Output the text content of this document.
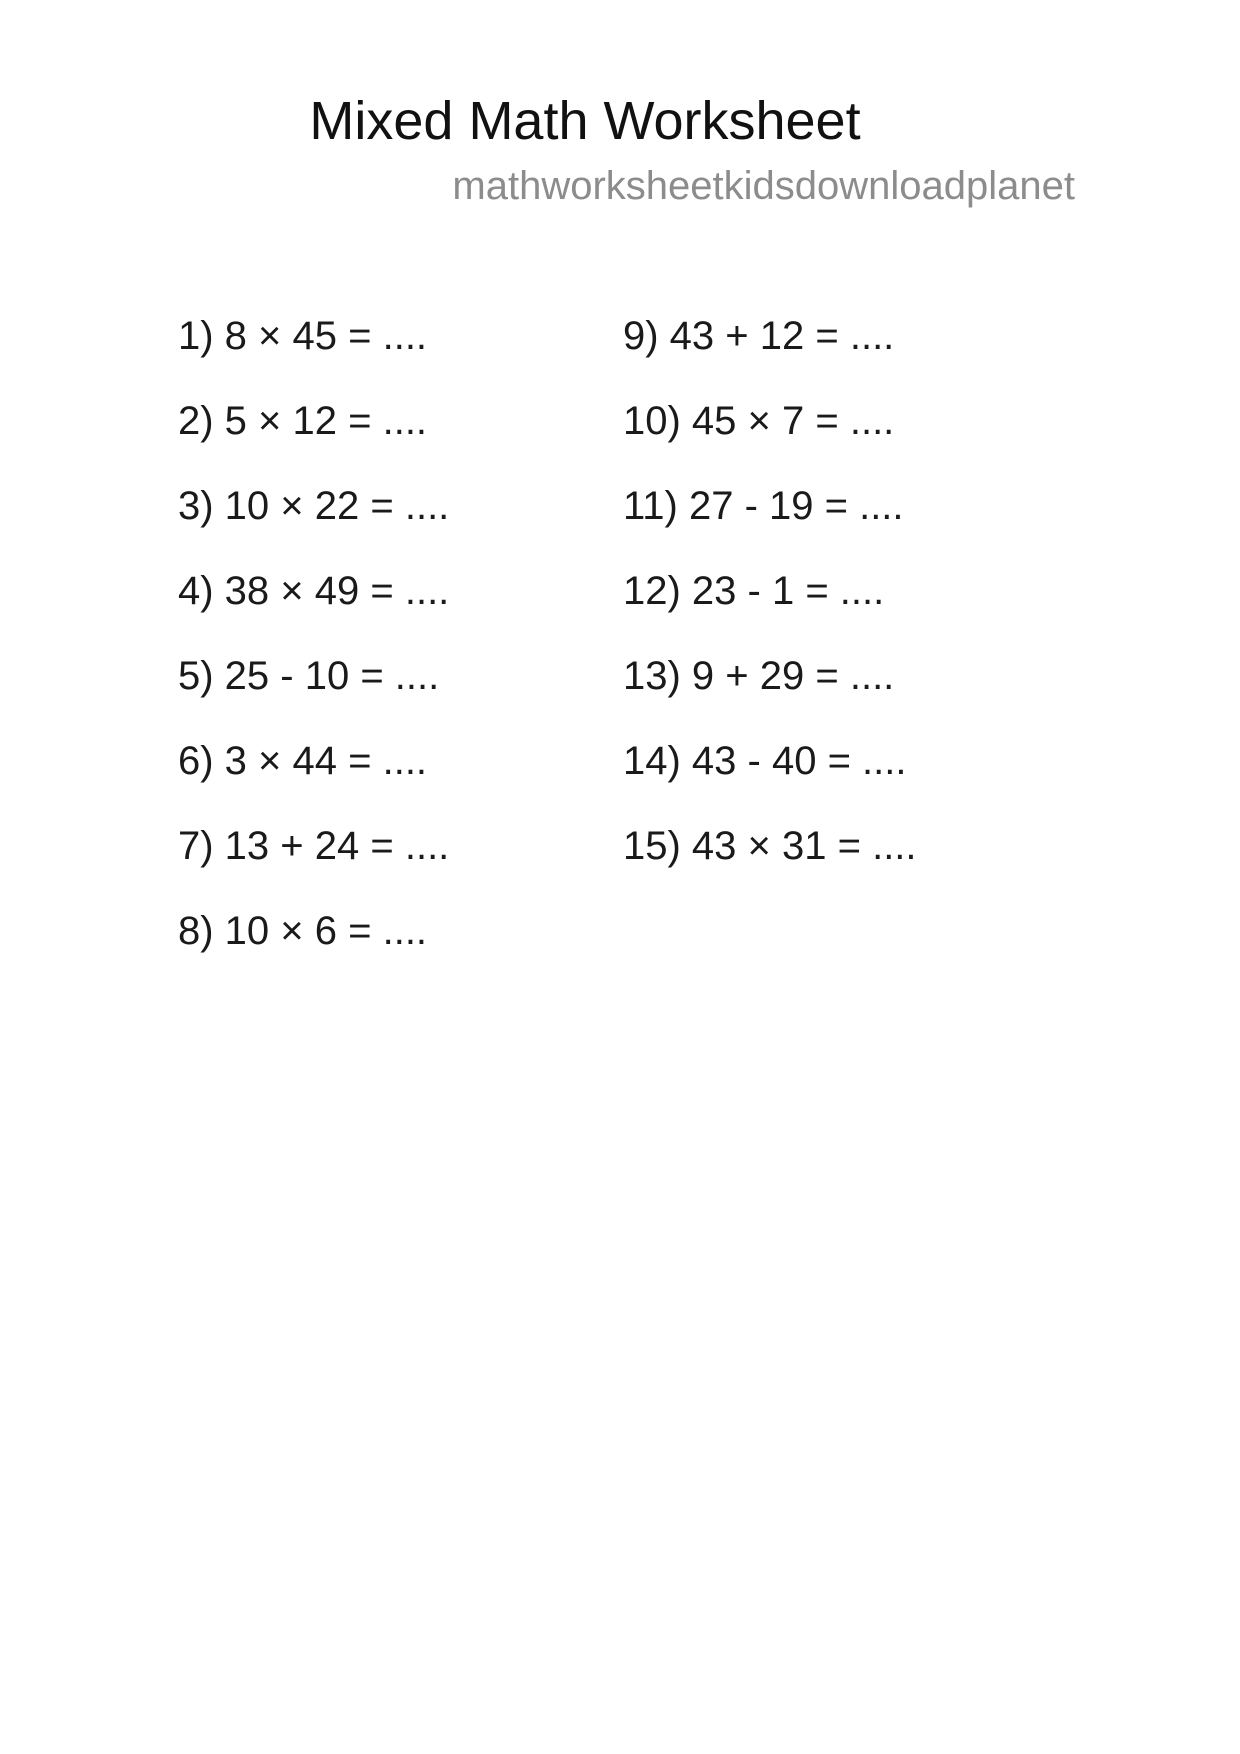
Mixed Math Worksheet
mathworksheetkidsdownloadplanet
1) 8 × 45 = ....
2) 5 × 12 = ....
3) 10 × 22 = ....
4) 38 × 49 = ....
5) 25 - 10 = ....
6) 3 × 44 = ....
7) 13 + 24 = ....
8) 10 × 6 = ....
9) 43 + 12 = ....
10) 45 × 7 = ....
11) 27 - 19 = ....
12) 23 - 1 = ....
13) 9 + 29 = ....
14) 43 - 40 = ....
15) 43 × 31 = ....
